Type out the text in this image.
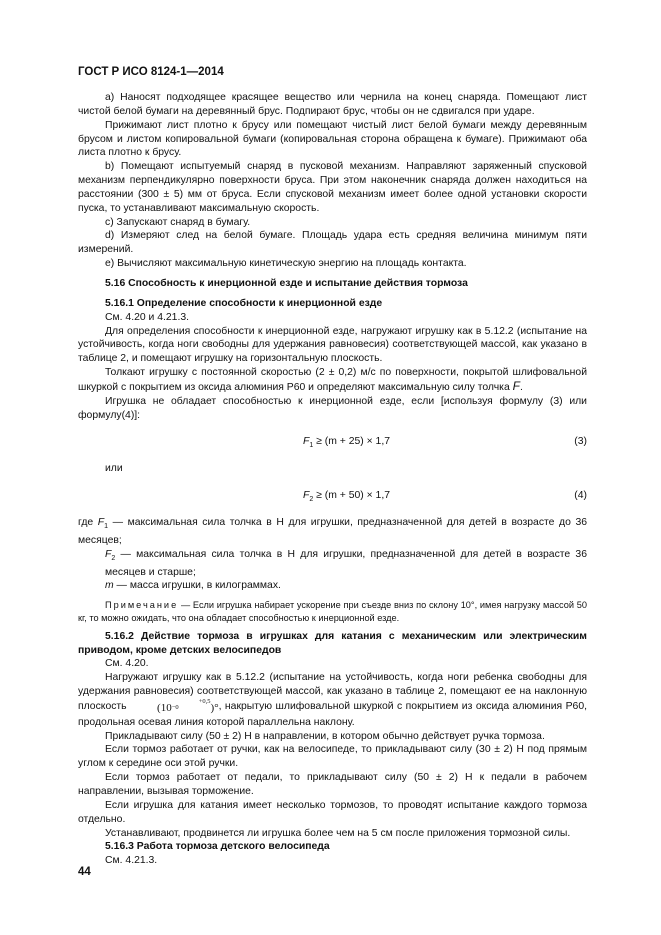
ГОСТ Р ИСО 8124-1—2014

а) Наносят подходящее красящее вещество или чернила на конец снаряда. Помещают лист чистой белой бумаги на деревянный брус. Подпирают брус, чтобы он не сдвигался при ударе.

Прижимают лист плотно к брусу или помещают чистый лист белой бумаги между деревянным брусом и листом копировальной бумаги (копировальная сторона обращена к бумаге). Прижимают оба листа плотно к брусу.

b) Помещают испытуемый снаряд в пусковой механизм. Направляют заряженный спусковой механизм перпендикулярно поверхности бруса. При этом наконечник снаряда должен находиться на расстоянии (300 ± 5) мм от бруса. Если спусковой механизм имеет более одной установки скорости пуска, то устанавливают максимальную скорость.

c) Запускают снаряд в бумагу.

d) Измеряют след на белой бумаге. Площадь удара есть средняя величина минимум пяти измерений.

e) Вычисляют максимальную кинетическую энергию на площадь контакта.

5.16 Способность к инерционной езде и испытание действия тормоза

5.16.1 Определение способности к инерционной езде

См. 4.20 и 4.21.3.

Для определения способности к инерционной езде, нагружают игрушку как в 5.12.2 (испытание на устойчивость, когда ноги свободны для удержания равновесия) соответствующей массой, как указано в таблице 2, и помещают игрушку на горизонтальную плоскость.

Толкают игрушку с постоянной скоростью (2 ± 0,2) м/с по поверхности, покрытой шлифовальной шкуркой с покрытием из оксида алюминия Р60 и определяют максимальную силу толчка F.

Игрушка не обладает способностью к инерционной езде, если [используя формулу (3) или формулу(4)]:

$F_1 \ge (m + 25) \times 1,7$	(3)

или

$F_2 \ge (m + 50) \times 1,7$	(4)

где $F_1$ — максимальная сила толчка в Н для игрушки, предназначенной для детей в возрасте до 36 месяцев;

$F_2$ — максимальная сила толчка в Н для игрушки, предназначенной для детей в возрасте 36 месяцев и старше;

m — масса игрушки, в килограммах.

Примечание — Если игрушка набирает ускорение при съезде вниз по склону 10°, имея нагрузку массой 50 кг, то можно ожидать, что она обладает способностью к инерционной езде.

5.16.2 Действие тормоза в игрушках для катания с механическим или электрическим приводом, кроме детских велосипедов

См. 4.20.

Нагружают игрушку как в 5.12.2 (испытание на устойчивость, когда ноги ребенка свободны для удержания равновесия) соответствующей массой, как указано в таблице 2, помещают ее на наклонную плоскость	(10+0,5
−0	)°, накрытую шлифовальной шкуркой с покрытием из оксида алюминия Р60, продольная осевая линия которой параллельна наклону.

Прикладывают силу (50 ± 2) Н в направлении, в котором обычно действует ручка тормоза.

Если тормоз работает от ручки, как на велосипеде, то прикладывают силу (30 ± 2) Н под прямым углом к середине оси этой ручки.

Если тормоз работает от педали, то прикладывают силу (50 ± 2) Н к педали в рабочем направлении, вызывая торможение.

Если игрушка для катания имеет несколько тормозов, то проводят испытание каждого тормоза отдельно.

Устанавливают, продвинется ли игрушка более чем на 5 см после приложения тормозной силы.

5.16.3 Работа тормоза детского велосипеда

См. 4.21.3.

44
